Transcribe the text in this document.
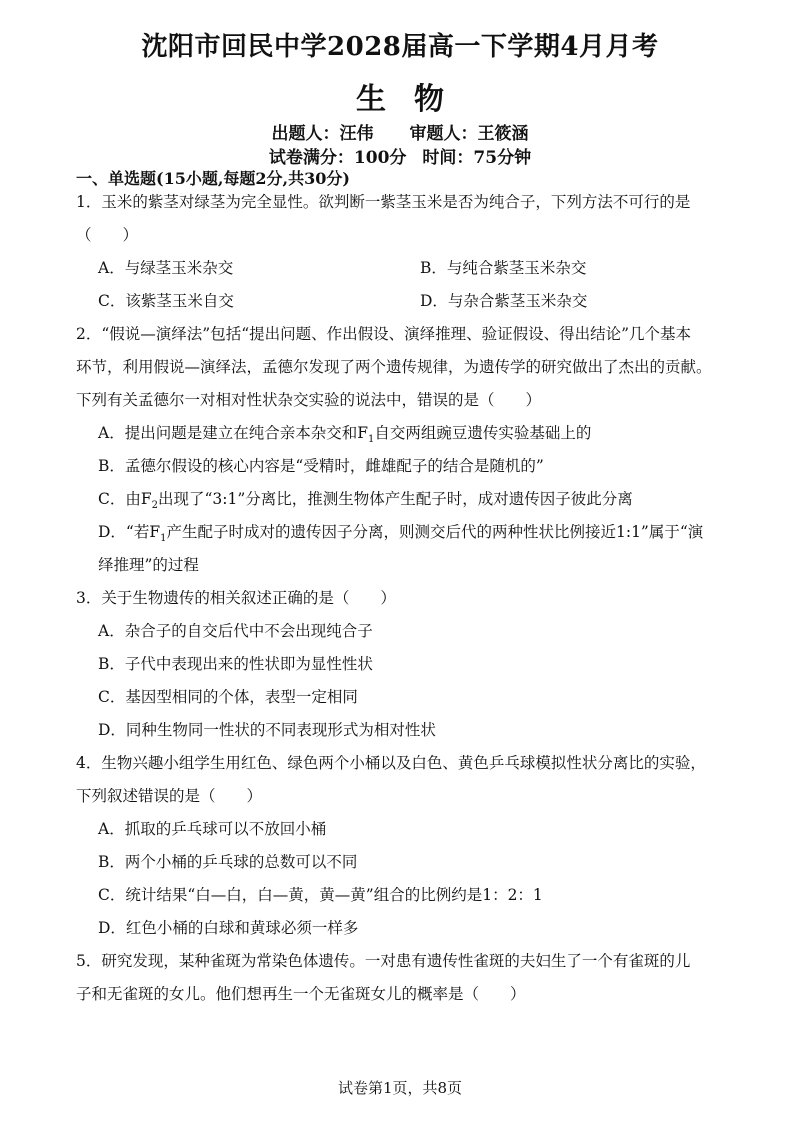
沈阳市回民中学2028届高一下学期4月月考
生物
出题人：汪伟 审题人：王筱涵
试卷满分：100分 时间：75分钟
一、单选题(15小题,每题2分,共30分)
1．玉米的紫茎对绿茎为完全显性。欲判断一紫茎玉米是否为纯合子，下列方法不可行的是
（　　）
A．与绿茎玉米杂交	B．与纯合紫茎玉米杂交
C．该紫茎玉米自交	D．与杂合紫茎玉米杂交
2．“假说—演绎法”包括“提出问题、作出假设、演绎推理、验证假设、得出结论”几个基本
环节，利用假说—演绎法，孟德尔发现了两个遗传规律，为遗传学的研究做出了杰出的贡献。
下列有关孟德尔一对相对性状杂交实验的说法中，错误的是（　　）
A．提出问题是建立在纯合亲本杂交和$F_1$自交两组豌豆遗传实验基础上的
B．孟德尔假设的核心内容是“受精时，雌雄配子的结合是随机的”
C．由$F_2$出现了“3:1”分离比，推测生物体产生配子时，成对遗传因子彼此分离
D．“若$F_1$产生配子时成对的遗传因子分离，则测交后代的两种性状比例接近1:1”属于“演
绎推理”的过程
3．关于生物遗传的相关叙述正确的是（　　）
A．杂合子的自交后代中不会出现纯合子
B．子代中表现出来的性状即为显性性状
C．基因型相同的个体，表型一定相同
D．同种生物同一性状的不同表现形式为相对性状
4．生物兴趣小组学生用红色、绿色两个小桶以及白色、黄色乒乓球模拟性状分离比的实验，
下列叙述错误的是（　　）
A．抓取的乒乓球可以不放回小桶
B．两个小桶的乒乓球的总数可以不同
C．统计结果“白—白，白—黄，黄—黄”组合的比例约是1：2：1
D．红色小桶的白球和黄球必须一样多
5．研究发现，某种雀斑为常染色体遗传。一对患有遗传性雀斑的夫妇生了一个有雀斑的儿
子和无雀斑的女儿。他们想再生一个无雀斑女儿的概率是（　　）
试卷第1页，共8页
